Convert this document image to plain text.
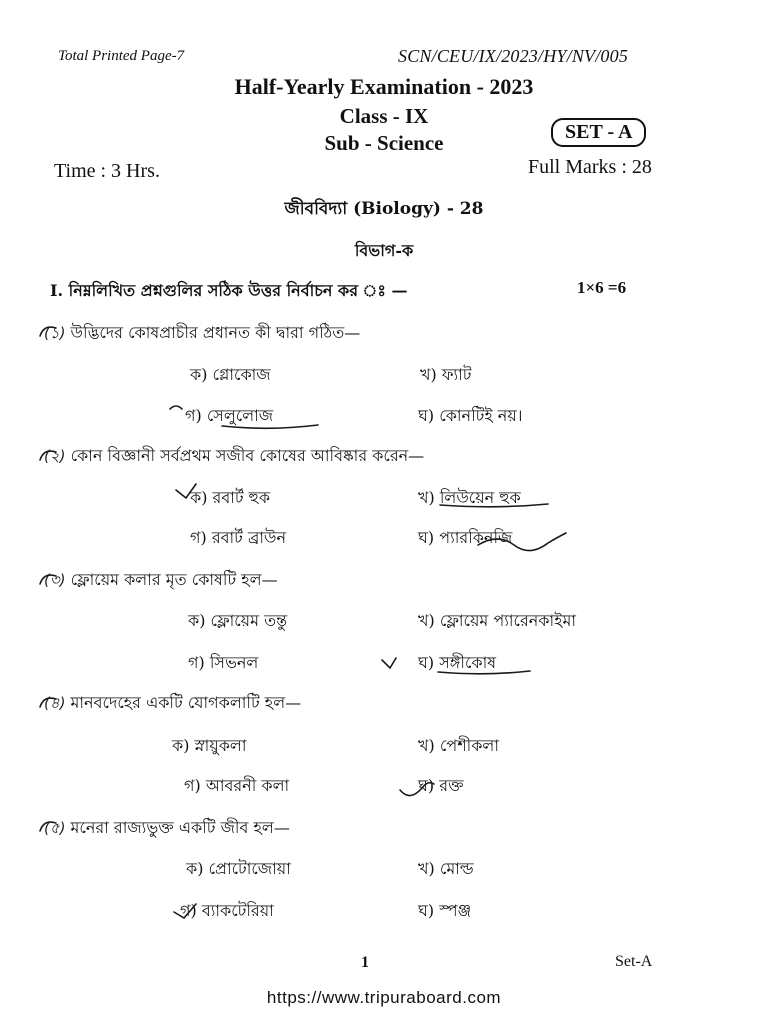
Total Printed Page-7	SCN/CEU/IX/2023/HY/NV/005
Half-Yearly Examination - 2023
Class - IX
Sub - Science	SET - A
Time : 3 Hrs.	Full Marks : 28
জীববিদ্যা (Biology) - 28
বিভাগ-ক
I. নিম্নলিখিত প্রশ্নগুলির সঠিক উত্তর নির্বাচন কর ঃ —	1×6 =6
(১) উদ্ভিদের কোষপ্রাচীর প্রধানত কী দ্বারা গঠিত—
ক) গ্লোকোজ	খ) ফ্যাট
গ) সেলুলোজ	ঘ) কোনটিই নয়।
(২) কোন বিজ্ঞানী সর্বপ্রথম সজীব কোষের আবিষ্কার করেন—
ক) রবার্ট হুক	খ) লিউয়েন হুক
গ) রবার্ট ব্রাউন	ঘ) প্যারকিনজি
(৩) ফ্লোয়েম কলার মৃত কোষটি হল—
ক) ফ্লোয়েম তন্তু	খ) ফ্লোয়েম প্যারেনকাইমা
গ) সিভনল	ঘ) সঙ্গীকোষ
(৪) মানবদেহের একটি যোগকলাটি হল—
ক) স্নায়ুকলা	খ) পেশীকলা
গ) আবরনী কলা	ঘ) রক্ত
(৫) মনেরা রাজ্যভুক্ত একটি জীব হল—
ক) প্রোটোজোয়া	খ) মোল্ড
গ) ব্যাকটেরিয়া	ঘ) স্পঞ্জ
1	Set-A
https://www.tripuraboard.com
